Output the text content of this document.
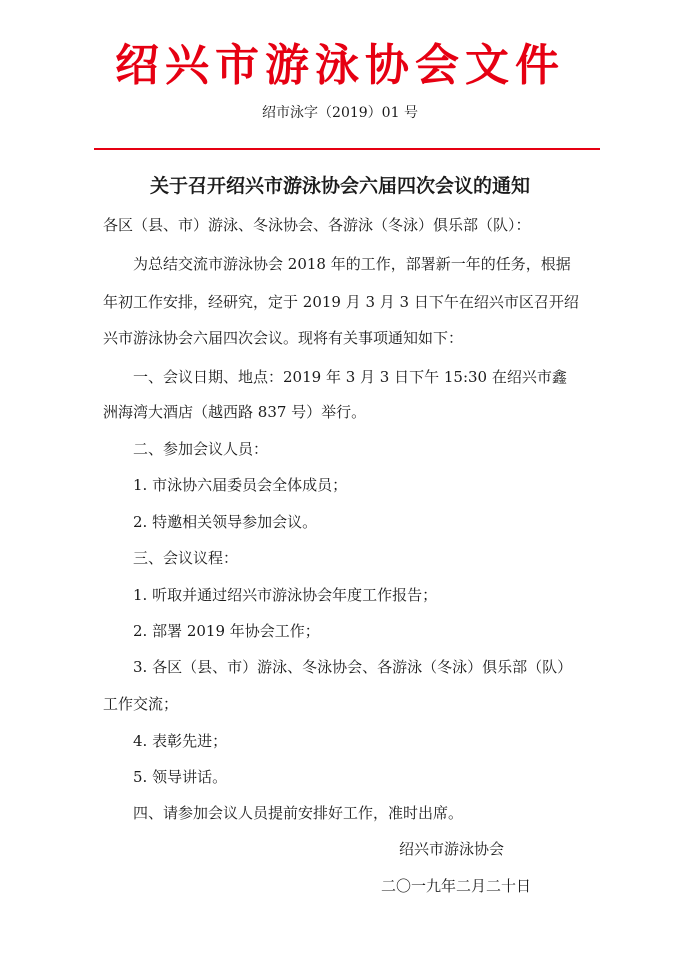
绍兴市游泳协会文件
绍市泳字（2019）01 号
关于召开绍兴市游泳协会六届四次会议的通知
各区（县、市）游泳、冬泳协会、各游泳（冬泳）俱乐部（队）：
为总结交流市游泳协会 2018 年的工作，部署新一年的任务，根据
年初工作安排，经研究，定于 2019 月 3 月 3 日下午在绍兴市区召开绍
兴市游泳协会六届四次会议。现将有关事项通知如下：
一、会议日期、地点：2019 年 3 月 3 日下午 15:30 在绍兴市鑫
洲海湾大酒店（越西路 837 号）举行。
二、参加会议人员：
1. 市泳协六届委员会全体成员；
2. 特邀相关领导参加会议。
三、会议议程：
1. 听取并通过绍兴市游泳协会年度工作报告；
2. 部署 2019 年协会工作；
3. 各区（县、市）游泳、冬泳协会、各游泳（冬泳）俱乐部（队）
工作交流；
4. 表彰先进；
5. 领导讲话。
四、请参加会议人员提前安排好工作，准时出席。
绍兴市游泳协会
二〇一九年二月二十日
